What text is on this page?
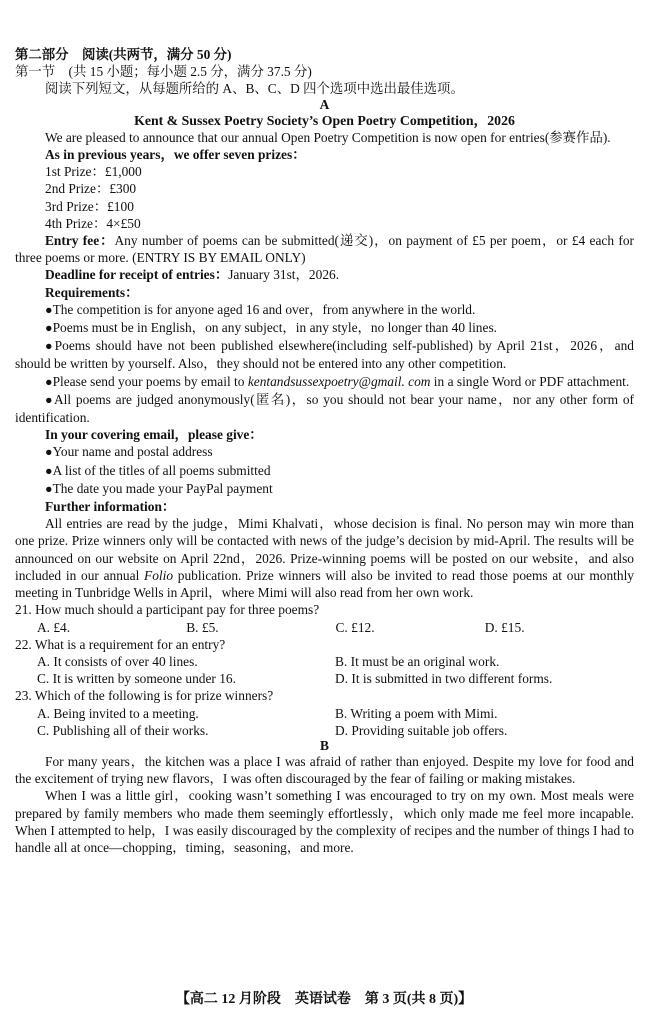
第二部分　阅读(共两节，满分 50 分)

第一节　(共 15 小题；每小题 2.5 分，满分 37.5 分)

阅读下列短文，从每题所给的 A、B、C、D 四个选项中选出最佳选项。

A

Kent & Sussex Poetry Society’s Open Poetry Competition，2026

We are pleased to announce that our annual Open Poetry Competition is now open for entries(参赛作品).

As in previous years，we offer seven prizes：

1st Prize：£1,000

2nd Prize：£300

3rd Prize：£100

4th Prize：4×£50

Entry fee：Any number of poems can be submitted(递交)，on payment of £5 per poem，or £4 each for three poems or more. (ENTRY IS BY EMAIL ONLY)

Deadline for receipt of entries：January 31st，2026.

Requirements：

●The competition is for anyone aged 16 and over，from anywhere in the world.

●Poems must be in English，on any subject，in any style，no longer than 40 lines.

●Poems should have not been published elsewhere(including self-published) by April 21st，2026，and should be written by yourself. Also，they should not be entered into any other competition.

●Please send your poems by email to kentandsussexpoetry@gmail. com in a single Word or PDF attachment.

●All poems are judged anonymously(匿名)，so you should not bear your name，nor any other form of identification.

In your covering email，please give：

●Your name and postal address

●A list of the titles of all poems submitted

●The date you made your PayPal payment

Further information：

All entries are read by the judge，Mimi Khalvati，whose decision is final. No person may win more than one prize. Prize winners only will be contacted with news of the judge’s decision by mid-April. The results will be announced on our website on April 22nd，2026. Prize-winning poems will be posted on our website，and also included in our annual Folio publication. Prize winners will also be invited to read those poems at our monthly meeting in Tunbridge Wells in April，where Mimi will also read from her own work.

21. How much should a participant pay for three poems?

A. £4.	B. £5.	C. £12.	D. £15.

22. What is a requirement for an entry?

A. It consists of over 40 lines.	B. It must be an original work.
C. It is written by someone under 16.	D. It is submitted in two different forms.

23. Which of the following is for prize winners?

A. Being invited to a meeting.	B. Writing a poem with Mimi.
C. Publishing all of their works.	D. Providing suitable job offers.

B

For many years，the kitchen was a place I was afraid of rather than enjoyed. Despite my love for food and the excitement of trying new flavors，I was often discouraged by the fear of failing or making mistakes.

When I was a little girl，cooking wasn’t something I was encouraged to try on my own. Most meals were prepared by family members who made them seemingly effortlessly，which only made me feel more incapable. When I attempted to help，I was easily discouraged by the complexity of recipes and the number of things I had to handle all at once—chopping，timing，seasoning，and more.

【高二 12 月阶段　英语试卷　第 3 页(共 8 页)】
